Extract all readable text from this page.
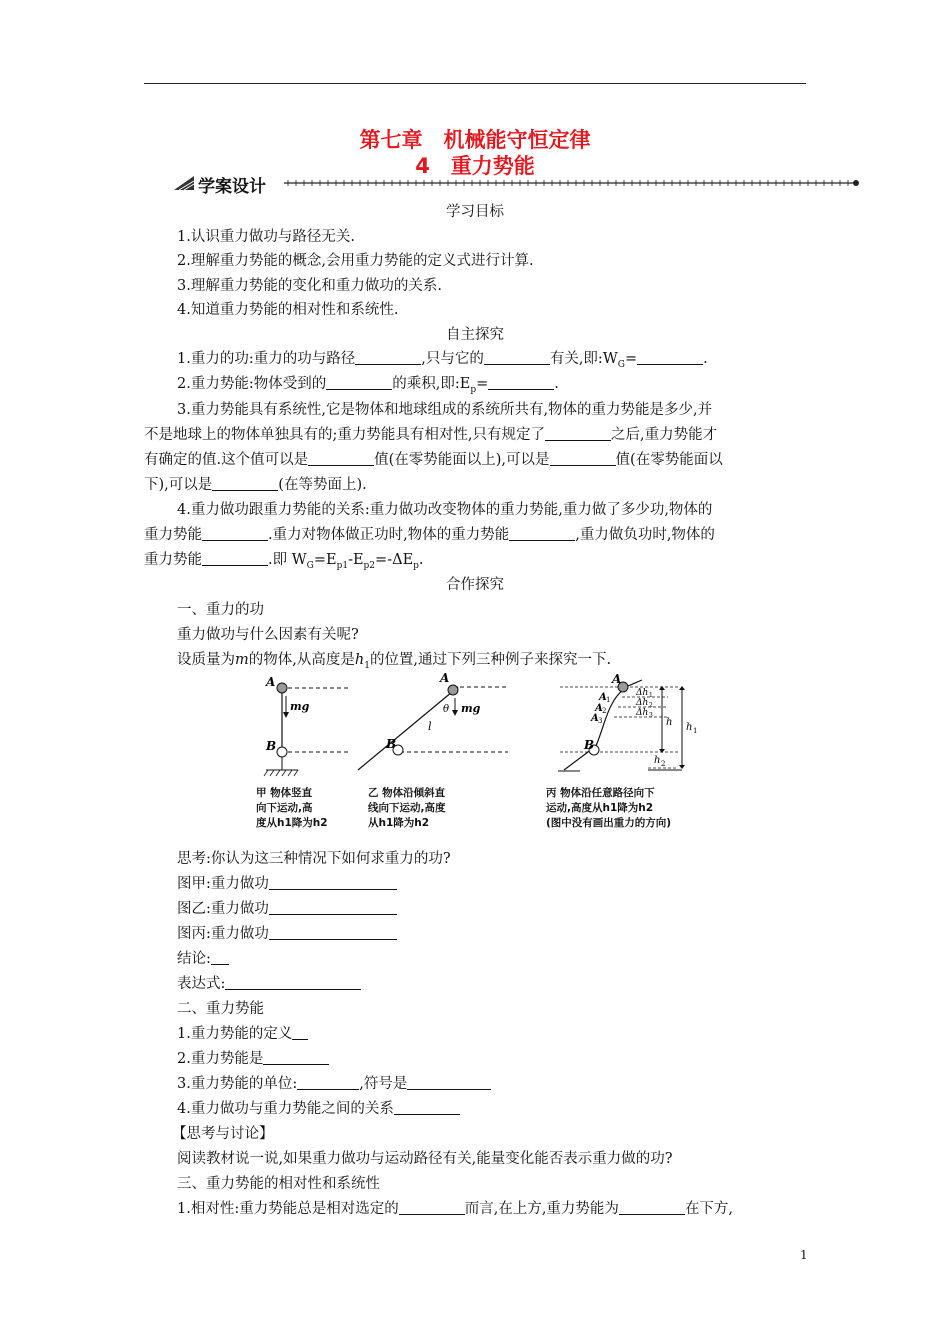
第七章　机械能守恒定律
4　重力势能
学案设计
学习目标
1.认识重力做功与路径无关.
2.理解重力势能的概念,会用重力势能的定义式进行计算.
3.理解重力势能的变化和重力做功的关系.
4.知道重力势能的相对性和系统性.
自主探究
1.重力的功:重力的功与路径	,只与它的	有关,即$:W_G=$	.
2.重力势能:物体受到的	的乘积,即$:E_p=$	.
3.重力势能具有系统性,它是物体和地球组成的系统所共有,物体的重力势能是多少,并
不是地球上的物体单独具有的;重力势能具有相对性,只有规定了	之后,重力势能才
有确定的值.这个值可以是	值(在零势能面以上),可以是	值(在零势能面以
下),可以是	(在等势面上).
4.重力做功跟重力势能的关系:重力做功改变物体的重力势能,重力做了多少功,物体的
重力势能	.重力对物体做正功时,物体的重力势能	,重力做负功时,物体的
重力势能	.即 $W_G=E_{p1}-E_{p2}=-\Delta E_p$.
合作探究
一、重力的功
重力做功与什么因素有关呢?
设质量为m的物体,从高度是$h_1$的位置,通过下列三种例子来探究一下.
A
B
mg
A
B
θ mg
l
A
B
A 1
A 2
A 3
Δh 1
Δh 2
Δh 3
h h 1
h 2
甲 物体竖直
向下运动,高
度从h1降为h2
乙 物体沿倾斜直
线向下运动,高度
从h1降为h2
丙 物体沿任意路径向下
运动,高度从h1降为h2
(图中没有画出重力的方向)
思考:你认为这三种情况下如何求重力的功?
图甲:重力做功
图乙:重力做功
图丙:重力做功
结论:
表达式:
二、重力势能
1.重力势能的定义
2.重力势能是
3.重力势能的单位:	,符号是
4.重力做功与重力势能之间的关系
【思考与讨论】
阅读教材说一说,如果重力做功与运动路径有关,能量变化能否表示重力做的功?
三、重力势能的相对性和系统性
1.相对性:重力势能总是相对选定的	而言,在上方,重力势能为	在下方,
1
